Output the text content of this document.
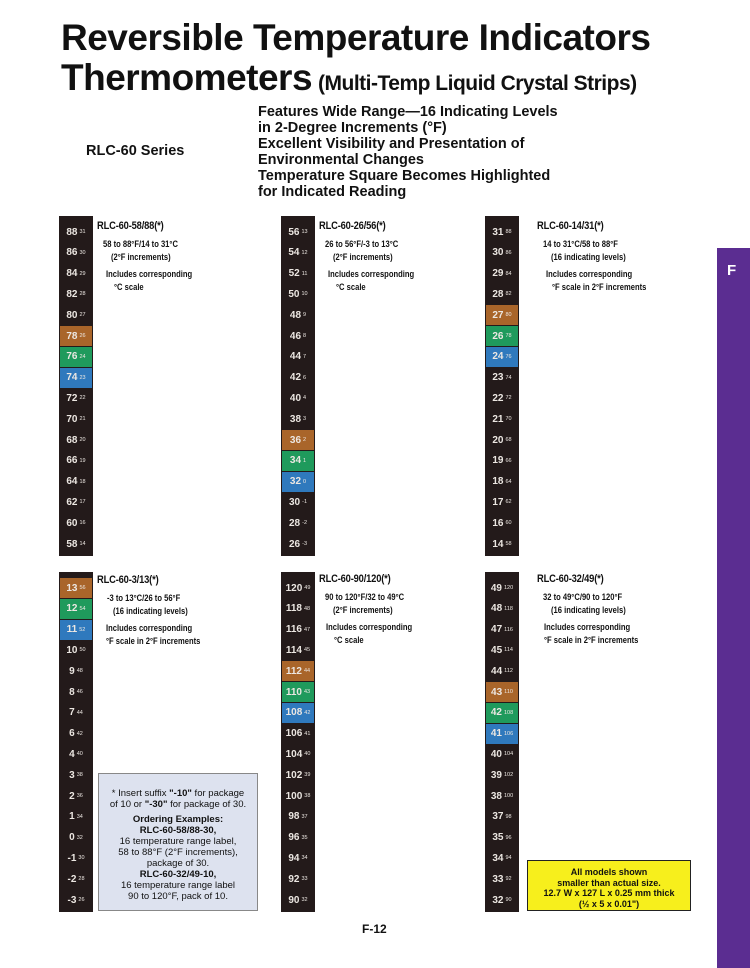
Reversible Temperature Indicators
Thermometers (Multi-Temp Liquid Crystal Strips)
RLC-60 Series
Features Wide Range—16 Indicating Levels in 2-Degree Increments (°F)
Excellent Visibility and Presentation of Environmental Changes
Temperature Square Becomes Highlighted for Indicated Reading
F
88 31
86 30
84 29
82 28
80 27
78 26
76 24
74 23
72 22
70 21
68 20
66 19
64 18
62 17
60 16
58 14
RLC-60-58/88(*)
58 to 88°F/14 to 31°C
(2°F increments)
Includes corresponding
°C scale
56 13
54 12
52 11
50 10
48 9
46 8
44 7
42 6
40 4
38 3
36 2
34 1
32 0
30 -1
28 -2
26 -3
RLC-60-26/56(*)
26 to 56°F/-3 to 13°C
(2°F increments)
Includes corresponding
°C scale
31 88
30 86
29 84
28 82
27 80
26 78
24 76
23 74
22 72
21 70
20 68
19 66
18 64
17 62
16 60
14 58
RLC-60-14/31(*)
14 to 31°C/58 to 88°F
(16 indicating levels)
Includes corresponding
°F scale in 2°F increments
13 56
12 54
11 52
10 50
9 48
8 46
7 44
6 42
4 40
3 38
2 36
1 34
0 32
-1 30
-2 28
-3 26
RLC-60-3/13(*)
-3 to 13°C/26 to 56°F
(16 indicating levels)
Includes corresponding
°F scale in 2°F increments
120 49
118 48
116 47
114 45
112 44
110 43
108 42
106 41
104 40
102 39
100 38
98 37
96 35
94 34
92 33
90 32
RLC-60-90/120(*)
90 to 120°F/32 to 49°C
(2°F increments)
Includes corresponding
°C scale
49 120
48 118
47 116
45 114
44 112
43 110
42 108
41 106
40 104
39 102
38 100
37 98
35 96
34 94
33 92
32 90
RLC-60-32/49(*)
32 to 49°C/90 to 120°F
(16 indicating levels)
Includes corresponding
°F scale in 2°F increments
* Insert suffix "-10" for package
of 10 or "-30" for package of 30.
Ordering Examples:
RLC-60-58/88-30,
16 temperature range label,
58 to 88°F (2°F increments),
package of 30.
RLC-60-32/49-10,
16 temperature range label
90 to 120°F, pack of 10.
All models shown
smaller than actual size.
12.7 W x 127 L x 0.25 mm thick
(½ x 5 x 0.01")
F-12
